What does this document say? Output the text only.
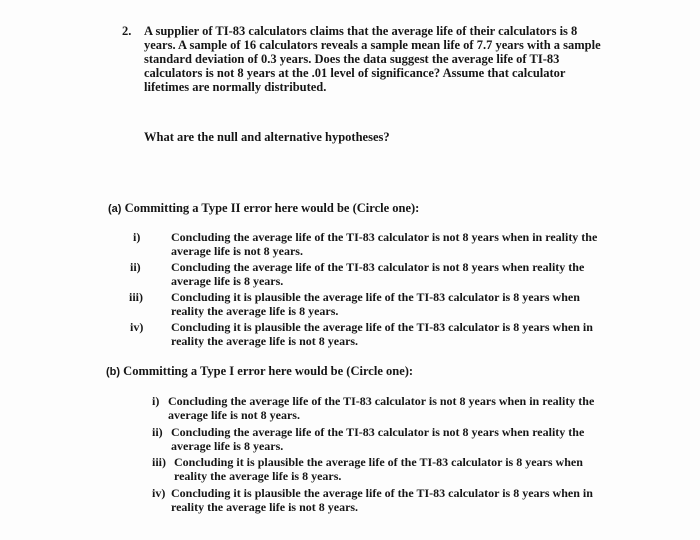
2. A supplier of TI-83 calculators claims that the average life of their calculators is 8 years. A sample of 16 calculators reveals a sample mean life of 7.7 years with a sample standard deviation of 0.3 years. Does the data suggest the average life of TI-83 calculators is not 8 years at the .01 level of significance? Assume that calculator lifetimes are normally distributed.
What are the null and alternative hypotheses?
(a) Committing a Type II error here would be (Circle one):
i)	Concluding the average life of the TI-83 calculator is not 8 years when in reality the average life is not 8 years.
ii)	Concluding the average life of the TI-83 calculator is not 8 years when reality the average life is 8 years.
iii) Concluding it is plausible the average life of the TI-83 calculator is 8 years when reality the average life is 8 years.
iv) Concluding it is plausible the average life of the TI-83 calculator is 8 years when in reality the average life is not 8 years.
(b) Committing a Type I error here would be (Circle one):
i) Concluding the average life of the TI-83 calculator is not 8 years when in reality the average life is not 8 years.
ii) Concluding the average life of the TI-83 calculator is not 8 years when reality the average life is 8 years.
iii) Concluding it is plausible the average life of the TI-83 calculator is 8 years when reality the average life is 8 years.
iv) Concluding it is plausible the average life of the TI-83 calculator is 8 years when in reality the average life is not 8 years.
